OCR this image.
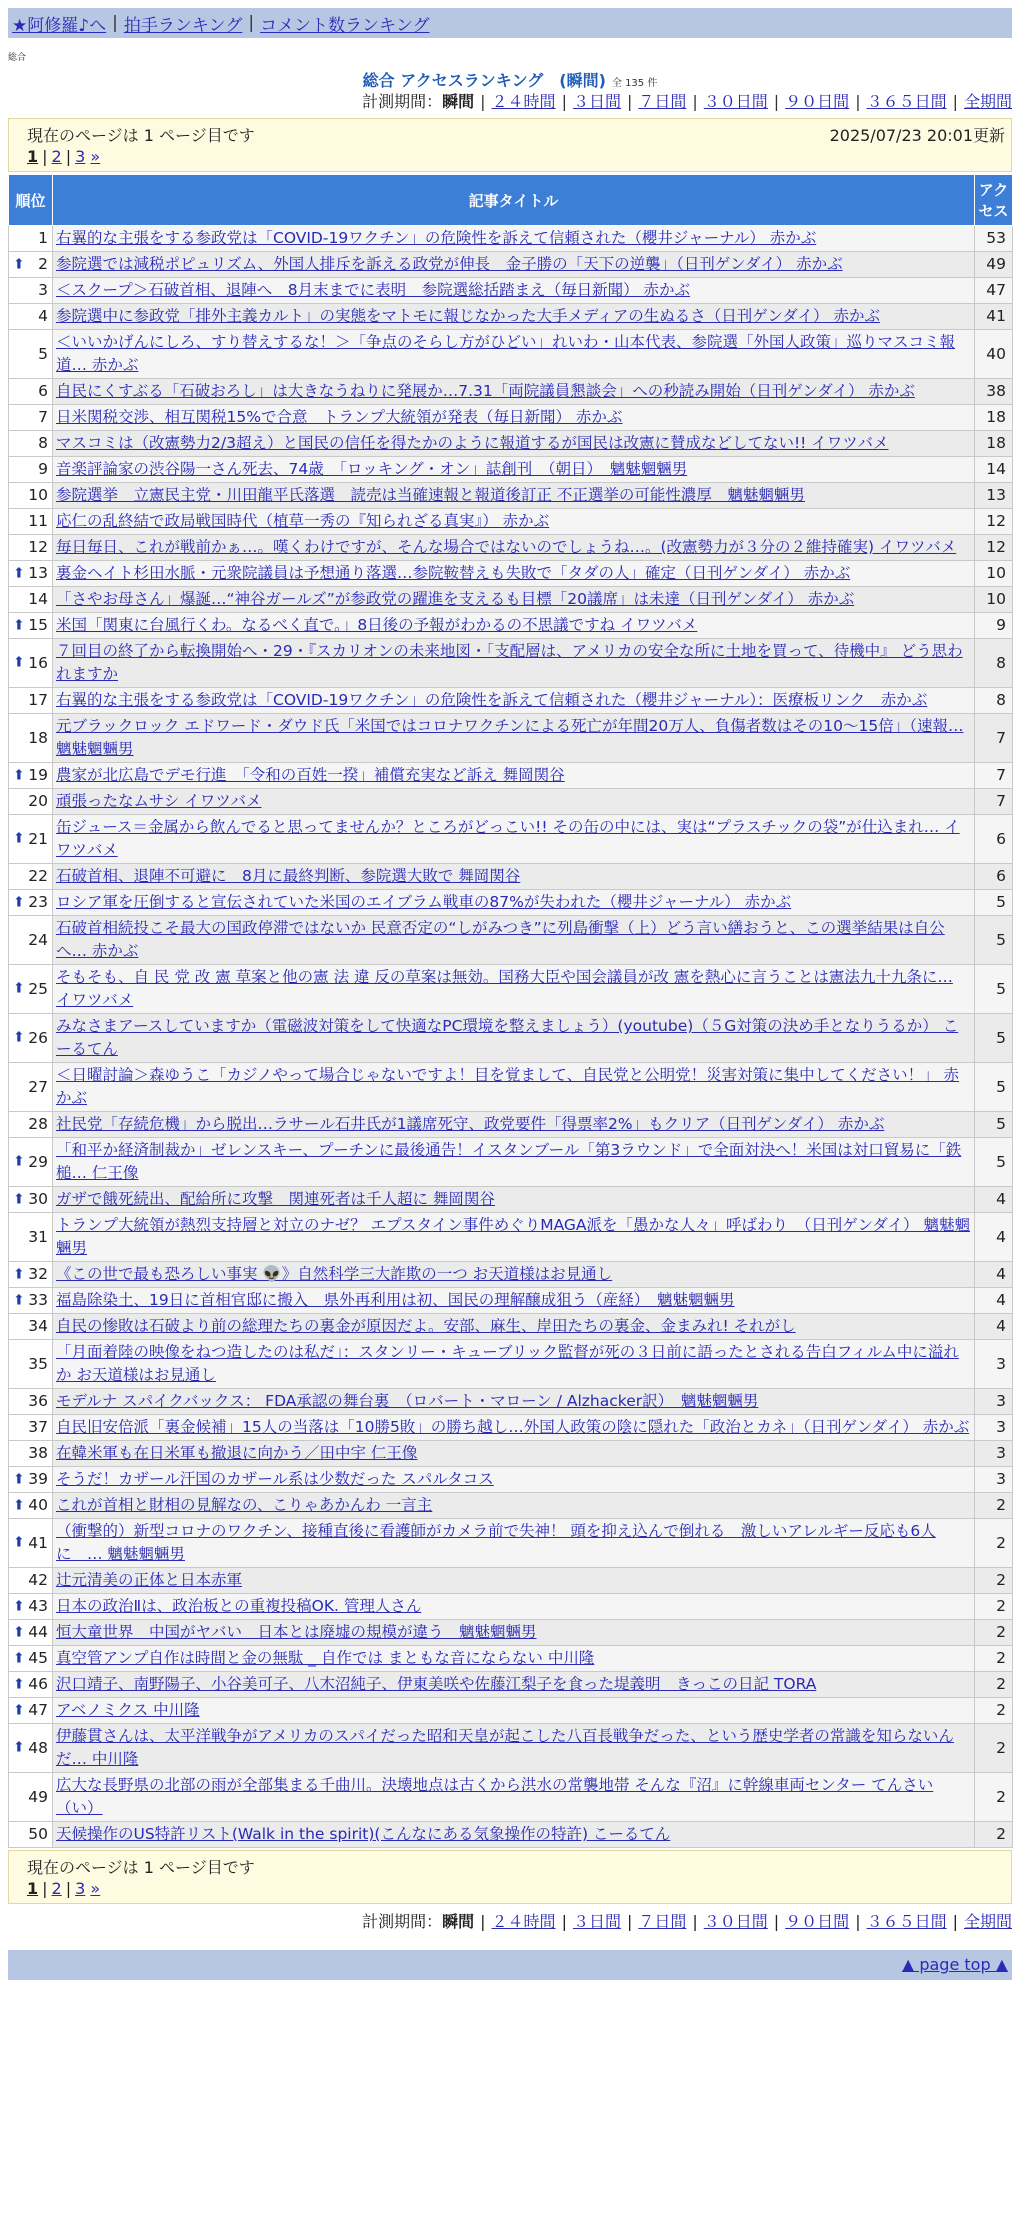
★阿修羅♪へ | 拍手ランキング | コメント数ランキング
総合
総合 アクセスランキング　(瞬間) 全 135 件
計測期間：瞬間 | ２４時間 | ３日間 | ７日間 | ３０日間 | ９０日間 | ３６５日間 | 全期間
現在のページは 1 ページ目です	2025/07/23 20:01更新
1 | 2 | 3 »
順位	記事タイトル	アクセス
1	右翼的な主張をする参政党は「COVID-19ワクチン」の危険性を訴えて信頼された（櫻井ジャーナル） 赤かぶ	53

⬆ 2	参院選では減税ポピュリズム、外国人排斥を訴える政党が伸長　金子勝の「天下の逆襲」（日刊ゲンダイ） 赤かぶ	49
3	＜スクープ＞石破首相、退陣へ　8月末までに表明　参院選総括踏まえ（毎日新聞） 赤かぶ	47
4	参院選中に参政党「排外主義カルト」の実態をマトモに報じなかった大手メディアの生ぬるさ（日刊ゲンダイ） 赤かぶ	41
5	＜いいかげんにしろ、すり替えするな！＞「争点のそらし方がひどい」れいわ・山本代表、参院選「外国人政策」巡りマスコミ報道… 赤かぶ	40
6	自民にくすぶる「石破おろし」は大きなうねりに発展か…7.31「両院議員懇談会」への秒読み開始（日刊ゲンダイ） 赤かぶ	38
7	日米関税交渉、相互関税15%で合意　トランプ大統領が発表（毎日新聞） 赤かぶ	18
8	マスコミは（改憲勢力2/3超え）と国民の信任を得たかのように報道するが国民は改憲に賛成などしてない!! イワツバメ	18
9	音楽評論家の渋谷陽一さん死去、74歳　「ロッキング・オン」誌創刊　（朝日）　魑魅魍魎男	14
10	参院選挙　立憲民主党・川田龍平氏落選　読売は当確速報と報道後訂正 不正選挙の可能性濃厚　魑魅魍魎男	13
11	応仁の乱終結で政局戦国時代（植草一秀の『知られざる真実』） 赤かぶ	12
12	毎日毎日、これが戦前かぁ…。嘆くわけですが、そんな場合ではないのでしょうね…。(改憲勢力が３分の２維持確実) イワツバメ	12

⬆ 13	裏金ヘイト杉田水脈・元衆院議員は予想通り落選…参院鞍替えも失敗で「タダの人」確定（日刊ゲンダイ） 赤かぶ	10
14	「さやお母さん」爆誕…“神谷ガールズ”が参政党の躍進を支えるも目標「20議席」は未達（日刊ゲンダイ） 赤かぶ	10

⬆ 15	米国「関東に台風行くわ。なるべく直で。」8日後の予報がわかるの不思議ですね イワツバメ	9

⬆ 16	７回目の終了から転換開始へ・29・『スカリオンの未来地図・「支配層は、アメリカの安全な所に土地を買って、待機中』 どう思われますか	8
17	右翼的な主張をする参政党は「COVID-19ワクチン」の危険性を訴えて信頼された（櫻井ジャーナル）：医療板リンク　赤かぶ	8
18	元ブラックロック エドワード・ダウド氏「米国ではコロナワクチンによる死亡が年間20万人、負傷者数はその10〜15倍」（速報… 魑魅魍魎男	7

⬆ 19	農家が北広島でデモ行進　「令和の百姓一揆」補償充実など訴え 舞岡関谷	7
20	頑張ったなムサシ イワツバメ	7

⬆ 21	缶ジュース＝金属から飲んでると思ってませんか？ところがどっこい!! その缶の中には、実は“プラスチックの袋”が仕込まれ… イワツバメ	6
22	石破首相、退陣不可避に　8月に最終判断、参院選大敗で 舞岡関谷	6

⬆ 23	ロシア軍を圧倒すると宣伝されていた米国のエイブラム戦車の87%が失われた（櫻井ジャーナル） 赤かぶ	5
24	石破首相続投こそ最大の国政停滞ではないか 民意否定の“しがみつき”に列島衝撃（上）どう言い繕おうと、この選挙結果は自公へ… 赤かぶ	5

⬆ 25	そもそも、自 民 党 改 憲 草案と他の憲 法 違 反の草案は無効。国務大臣や国会議員が改 憲を熱心に言うことは憲法九十九条に… イワツバメ	5

⬆ 26	みなさまアースしていますか（電磁波対策をして快適なPC環境を整えましょう）(youtube)（５G対策の決め手となりうるか） こーるてん	5
27	＜日曜討論＞森ゆうこ「カジノやって場合じゃないですよ！目を覚まして、自民党と公明党！災害対策に集中してください！」 赤かぶ	5
28	社民党「存続危機」から脱出…ラサール石井氏が1議席死守、政党要件「得票率2%」もクリア（日刊ゲンダイ） 赤かぶ	5

⬆ 29	「和平か経済制裁か」ゼレンスキー、プーチンに最後通告！イスタンブール「第3ラウンド」で全面対決へ！米国は対口貿易に「鉄槌… 仁王像	5

⬆ 30	ガザで餓死続出、配給所に攻撃　関連死者は千人超に 舞岡関谷	4
31	トランプ大統領が熱烈支持層と対立のナゼ？ エプスタイン事件めぐりMAGA派を「愚かな人々」呼ばわり　（日刊ゲンダイ） 魑魅魍魎男	4

⬆ 32	《この世で最も恐ろしい事実 👽》自然科学三大詐欺の一つ お天道様はお見通し	4

⬆ 33	福島除染土、19日に首相官邸に搬入　県外再利用は初、国民の理解醸成狙う（産経）　魑魅魍魎男	4
34	自民の惨敗は石破より前の総理たちの裏金が原因だよ。安部、麻生、岸田たちの裏金、金まみれ! それがし	4
35	「月面着陸の映像をねつ造したのは私だ」：スタンリー・キューブリック監督が死の３日前に語ったとされる告白フィルム中に溢れか お天道様はお見通し	3
36	モデルナ スパイクバックス： FDA承認の舞台裏　（ロバート・マローン / Alzhacker訳）　魑魅魍魎男	3
37	自民旧安倍派「裏金候補」15人の当落は「10勝5敗」の勝ち越し…外国人政策の陰に隠れた「政治とカネ」（日刊ゲンダイ） 赤かぶ	3
38	在韓米軍も在日米軍も撤退に向かう／田中宇 仁王像	3

⬆ 39	そうだ！カザール汗国のカザール系は少数だった スパルタコス	3

⬆ 40	これが首相と財相の見解なの、こりゃあかんわ 一言主	2

⬆ 41	（衝撃的）新型コロナのワクチン、接種直後に看護師がカメラ前で失神！ 頭を抑え込んで倒れる　激しいアレルギー反応も6人に　… 魑魅魍魎男	2
42	辻元清美の正体と日本赤軍	2

⬆ 43	日本の政治Ⅱは、政治板との重複投稿OK. 管理人さん	2

⬆ 44	恒大童世界　中国がヤバい　日本とは廃墟の規模が違う　魑魅魍魎男	2

⬆ 45	真空管アンプ自作は時間と金の無駄 _ 自作では まともな音にならない 中川隆	2

⬆ 46	沢口靖子、南野陽子、小谷美可子、八木沼純子、伊東美咲や佐藤江梨子を食った堤義明　きっこの日記 TORA	2

⬆ 47	アベノミクス 中川隆	2

⬆ 48	伊藤貫さんは、太平洋戦争がアメリカのスパイだった昭和天皇が起こした八百長戦争だった、という歴史学者の常識を知らないんだ… 中川隆	2
49	広大な長野県の北部の雨が全部集まる千曲川。決壊地点は古くから洪水の常襲地帯 そんな『沼』に幹線車両センター てんさい（い）	2
50	天候操作のUS特許リスト(Walk in the spirit)(こんなにある気象操作の特許) こーるてん	2
現在のページは 1 ページ目です
1 | 2 | 3 »
計測期間：瞬間 | ２４時間 | ３日間 | ７日間 | ３０日間 | ９０日間 | ３６５日間 | 全期間
▲ page top ▲
